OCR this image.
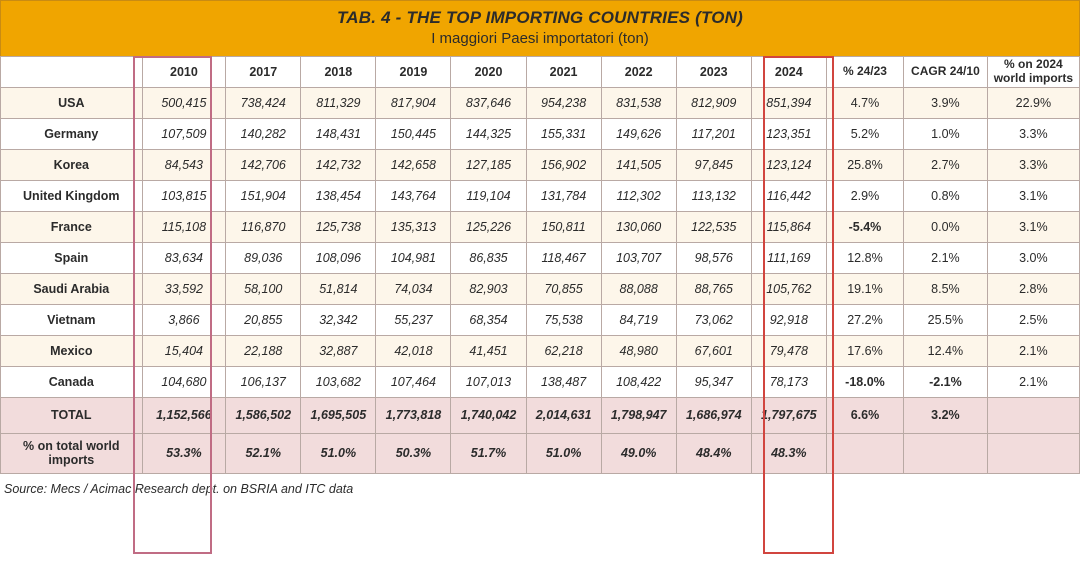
TAB. 4 - THE TOP IMPORTING COUNTRIES (TON)
I maggiori Paesi importatori (ton)
	2010	2017	2018	2019	2020	2021	2022	2023	2024	% 24/23	CAGR 24/10	% on 2024 world imports

USA	500,415	738,424	811,329	817,904	837,646	954,238	831,538	812,909	851,394	4.7%	3.9%	22.9%

Germany	107,509	140,282	148,431	150,445	144,325	155,331	149,626	117,201	123,351	5.2%	1.0%	3.3%

Korea	84,543	142,706	142,732	142,658	127,185	156,902	141,505	97,845	123,124	25.8%	2.7%	3.3%

United Kingdom	103,815	151,904	138,454	143,764	119,104	131,784	112,302	113,132	116,442	2.9%	0.8%	3.1%

France	115,108	116,870	125,738	135,313	125,226	150,811	130,060	122,535	115,864	-5.4%	0.0%	3.1%

Spain	83,634	89,036	108,096	104,981	86,835	118,467	103,707	98,576	111,169	12.8%	2.1%	3.0%

Saudi Arabia	33,592	58,100	51,814	74,034	82,903	70,855	88,088	88,765	105,762	19.1%	8.5%	2.8%

Vietnam	3,866	20,855	32,342	55,237	68,354	75,538	84,719	73,062	92,918	27.2%	25.5%	2.5%

Mexico	15,404	22,188	32,887	42,018	41,451	62,218	48,980	67,601	79,478	17.6%	12.4%	2.1%

Canada	104,680	106,137	103,682	107,464	107,013	138,487	108,422	95,347	78,173	-18.0%	-2.1%	2.1%
TOTAL	1,152,566	1,586,502	1,695,505	1,773,818	1,740,042	2,014,631	1,798,947	1,686,974	1,797,675	6.6%	3.2%	

% on total world imports	53.3%	52.1%	51.0%	50.3%	51.7%	51.0%	49.0%	48.4%	48.3%			
Source: Mecs / Acimac Research dept. on BSRIA and ITC data
